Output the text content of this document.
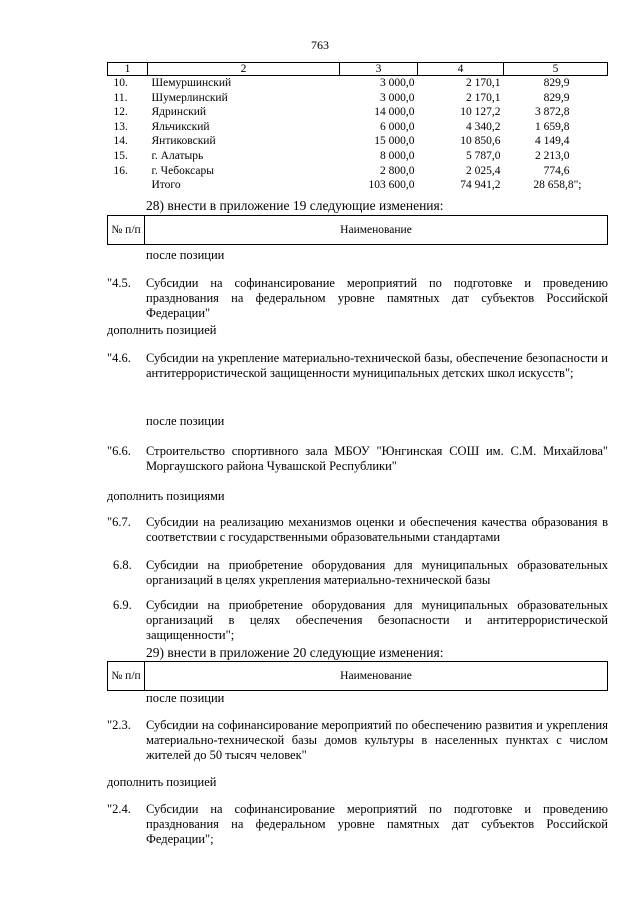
763
1	2	3	4	5
10.	Шемуршинский	3 000,0	2 170,1	829,9
11.	Шумерлинский	3 000,0	2 170,1	829,9
12.	Ядринский	14 000,0	10 127,2	3 872,8
13.	Яльчикский	6 000,0	4 340,2	1 659,8
14.	Янтиковский	15 000,0	10 850,6	4 149,4
15.	г. Алатырь	8 000,0	5 787,0	2 213,0
16.	г. Чебоксары	2 800,0	2 025,4	774,6
	Итого	103 600,0	74 941,2	28 658,8";
28) внести в приложение 19 следующие изменения:
№ п/п	Наименование
после позиции
"4.5.	Субсидии на софинансирование мероприятий по подготовке и проведению празднования на федеральном уровне памятных дат субъектов Российской Федерации"
дополнить позицией
"4.6.	Субсидии на укрепление материально-технической базы, обеспечение безопасности и антитеррористической защищенности муниципальных детских школ искусств";
после позиции
"6.6.	Строительство спортивного зала МБОУ "Юнгинская СОШ им. С.М. Михайлова" Моргаушского района Чувашской Республики"
дополнить позициями
"6.7.	Субсидии на реализацию механизмов оценки и обеспечения качества образования в соответствии с государственными образовательными стандартами
6.8.	Субсидии на приобретение оборудования для муниципальных образовательных организаций в целях укрепления материально-технической базы
6.9.	Субсидии на приобретение оборудования для муниципальных образовательных организаций в целях обеспечения безопасности и антитеррористической защищенности";
29) внести в приложение 20 следующие изменения:
№ п/п	Наименование
после позиции
"2.3.	Субсидии на софинансирование мероприятий по обеспечению развития и укрепления материально-технической базы домов культуры в населенных пунктах с числом жителей до 50 тысяч человек"
дополнить позицией
"2.4.	Субсидии на софинансирование мероприятий по подготовке и проведению празднования на федеральном уровне памятных дат субъектов Российской Федерации";
